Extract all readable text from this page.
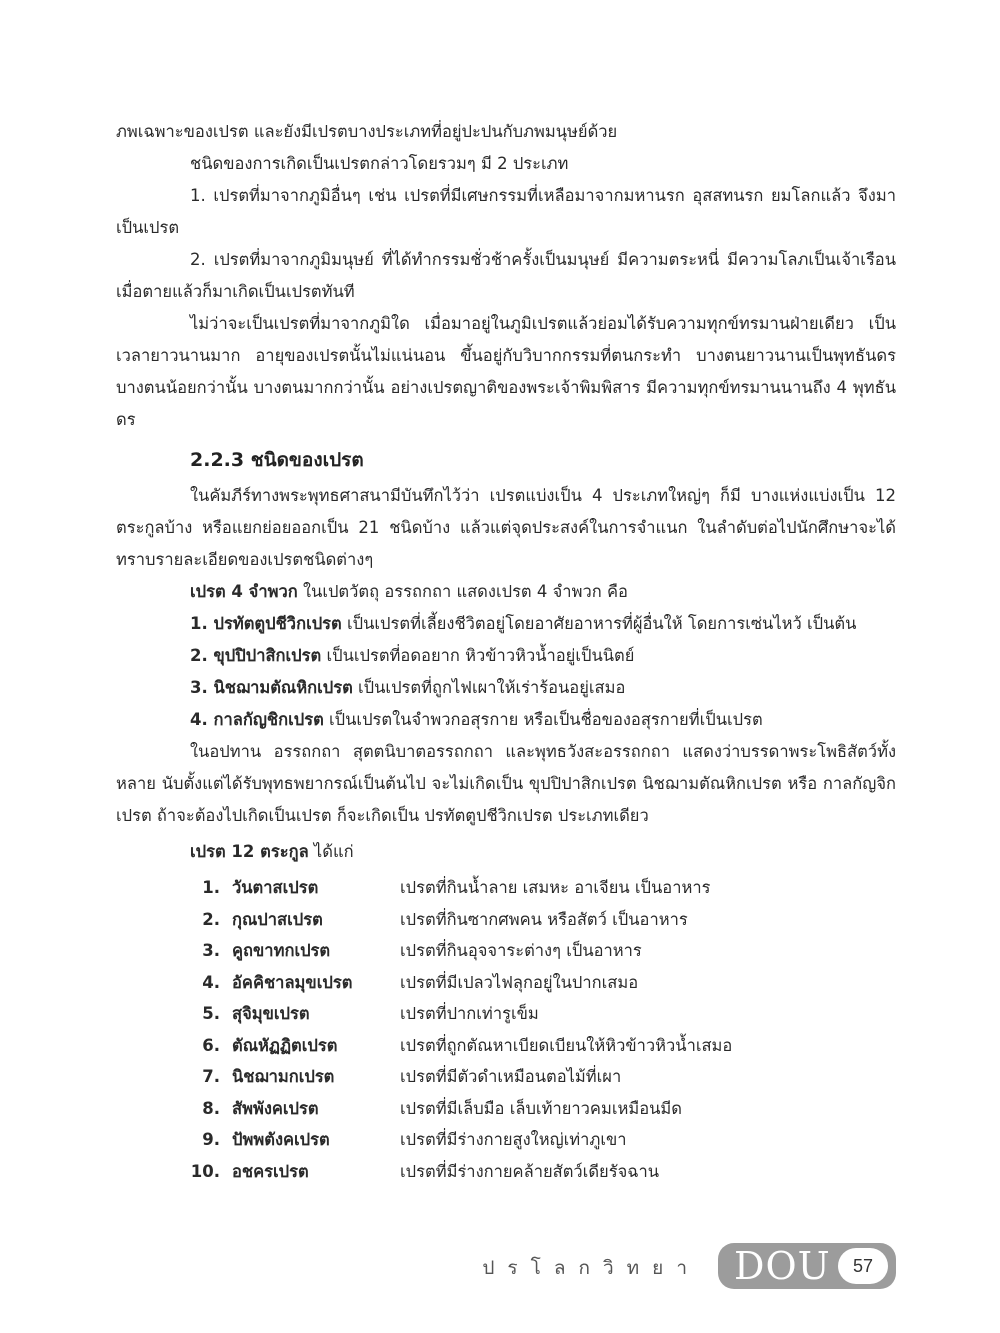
ภพเฉพาะของเปรต และยังมีเปรตบางประเภทที่อยู่ปะปนกับภพมนุษย์ด้วย

ชนิดของการเกิดเป็นเปรตกล่าวโดยรวมๆ มี 2 ประเภท

1. เปรตที่มาจากภูมิอื่นๆ เช่น เปรตที่มีเศษกรรมที่เหลือมาจากมหานรก อุสสทนรก ยมโลกแล้ว จึงมาเป็นเปรต

2. เปรตที่มาจากภูมิมนุษย์ ที่ได้ทำกรรมชั่วช้าครั้งเป็นมนุษย์ มีความตระหนี่ มีความโลภเป็นเจ้าเรือน เมื่อตายแล้วก็มาเกิดเป็นเปรตทันที

ไม่ว่าจะเป็นเปรตที่มาจากภูมิใด เมื่อมาอยู่ในภูมิเปรตแล้วย่อมได้รับความทุกข์ทรมานฝ่ายเดียว เป็นเวลายาวนานมาก อายุของเปรตนั้นไม่แน่นอน ขึ้นอยู่กับวิบากกรรมที่ตนกระทำ บางตนยาวนานเป็นพุทธันดร บางตนน้อยกว่านั้น บางตนมากกว่านั้น อย่างเปรตญาติของพระเจ้าพิมพิสาร มีความทุกข์ทรมานนานถึง 4 พุทธันดร

2.2.3 ชนิดของเปรต

ในคัมภีร์ทางพระพุทธศาสนามีบันทึกไว้ว่า เปรตแบ่งเป็น 4 ประเภทใหญ่ๆ ก็มี บางแห่งแบ่งเป็น 12 ตระกูลบ้าง หรือแยกย่อยออกเป็น 21 ชนิดบ้าง แล้วแต่จุดประสงค์ในการจำแนก ในลำดับต่อไปนักศึกษาจะได้ทราบรายละเอียดของเปรตชนิดต่างๆ

เปรต 4 จำพวก ในเปตวัตถุ อรรถกถา แสดงเปรต 4 จำพวก คือ

1. ปรทัตตูปชีวิกเปรต เป็นเปรตที่เลี้ยงชีวิตอยู่โดยอาศัยอาหารที่ผู้อื่นให้ โดยการเซ่นไหว้ เป็นต้น

2. ขุปปิปาสิกเปรต เป็นเปรตที่อดอยาก หิวข้าวหิวน้ำอยู่เป็นนิตย์

3. นิชฌามตัณหิกเปรต เป็นเปรตที่ถูกไฟเผาให้เร่าร้อนอยู่เสมอ

4. กาลกัญชิกเปรต เป็นเปรตในจำพวกอสุรกาย หรือเป็นชื่อของอสุรกายที่เป็นเปรต

ในอปทาน อรรถกถา สุตตนิบาตอรรถกถา และพุทธวังสะอรรถกถา แสดงว่าบรรดาพระโพธิสัตว์ทั้งหลาย นับตั้งแต่ได้รับพุทธพยากรณ์เป็นต้นไป จะไม่เกิดเป็น ขุปปิปาสิกเปรต นิชฌามตัณหิกเปรต หรือ กาลกัญจิกเปรต ถ้าจะต้องไปเกิดเป็นเปรต ก็จะเกิดเป็น ปรทัตตูปชีวิกเปรต ประเภทเดียว

เปรต 12 ตระกูล ได้แก่

1. วันตาสเปรต	เปรตที่กินน้ำลาย เสมหะ อาเจียน เป็นอาหาร
2. กุณปาสเปรต	เปรตที่กินซากศพคน หรือสัตว์ เป็นอาหาร
3. คูถขาทกเปรต	เปรตที่กินอุจจาระต่างๆ เป็นอาหาร
4. อัคคิชาลมุขเปรต	เปรตที่มีเปลวไฟลุกอยู่ในปากเสมอ
5. สุจิมุขเปรต	เปรตที่ปากเท่ารูเข็ม
6. ตัณหัฏฏิตเปรต	เปรตที่ถูกตัณหาเบียดเบียนให้หิวข้าวหิวน้ำเสมอ
7. นิชฌามกเปรต	เปรตที่มีตัวดำเหมือนตอไม้ที่เผา
8. สัพพังคเปรต	เปรตที่มีเล็บมือ เล็บเท้ายาวคมเหมือนมีด
9. ปัพพตังคเปรต	เปรตที่มีร่างกายสูงใหญ่เท่าภูเขา
10. อชครเปรต	เปรตที่มีร่างกายคล้ายสัตว์เดียรัจฉาน
ปรโลกวิทยา DOU	57
